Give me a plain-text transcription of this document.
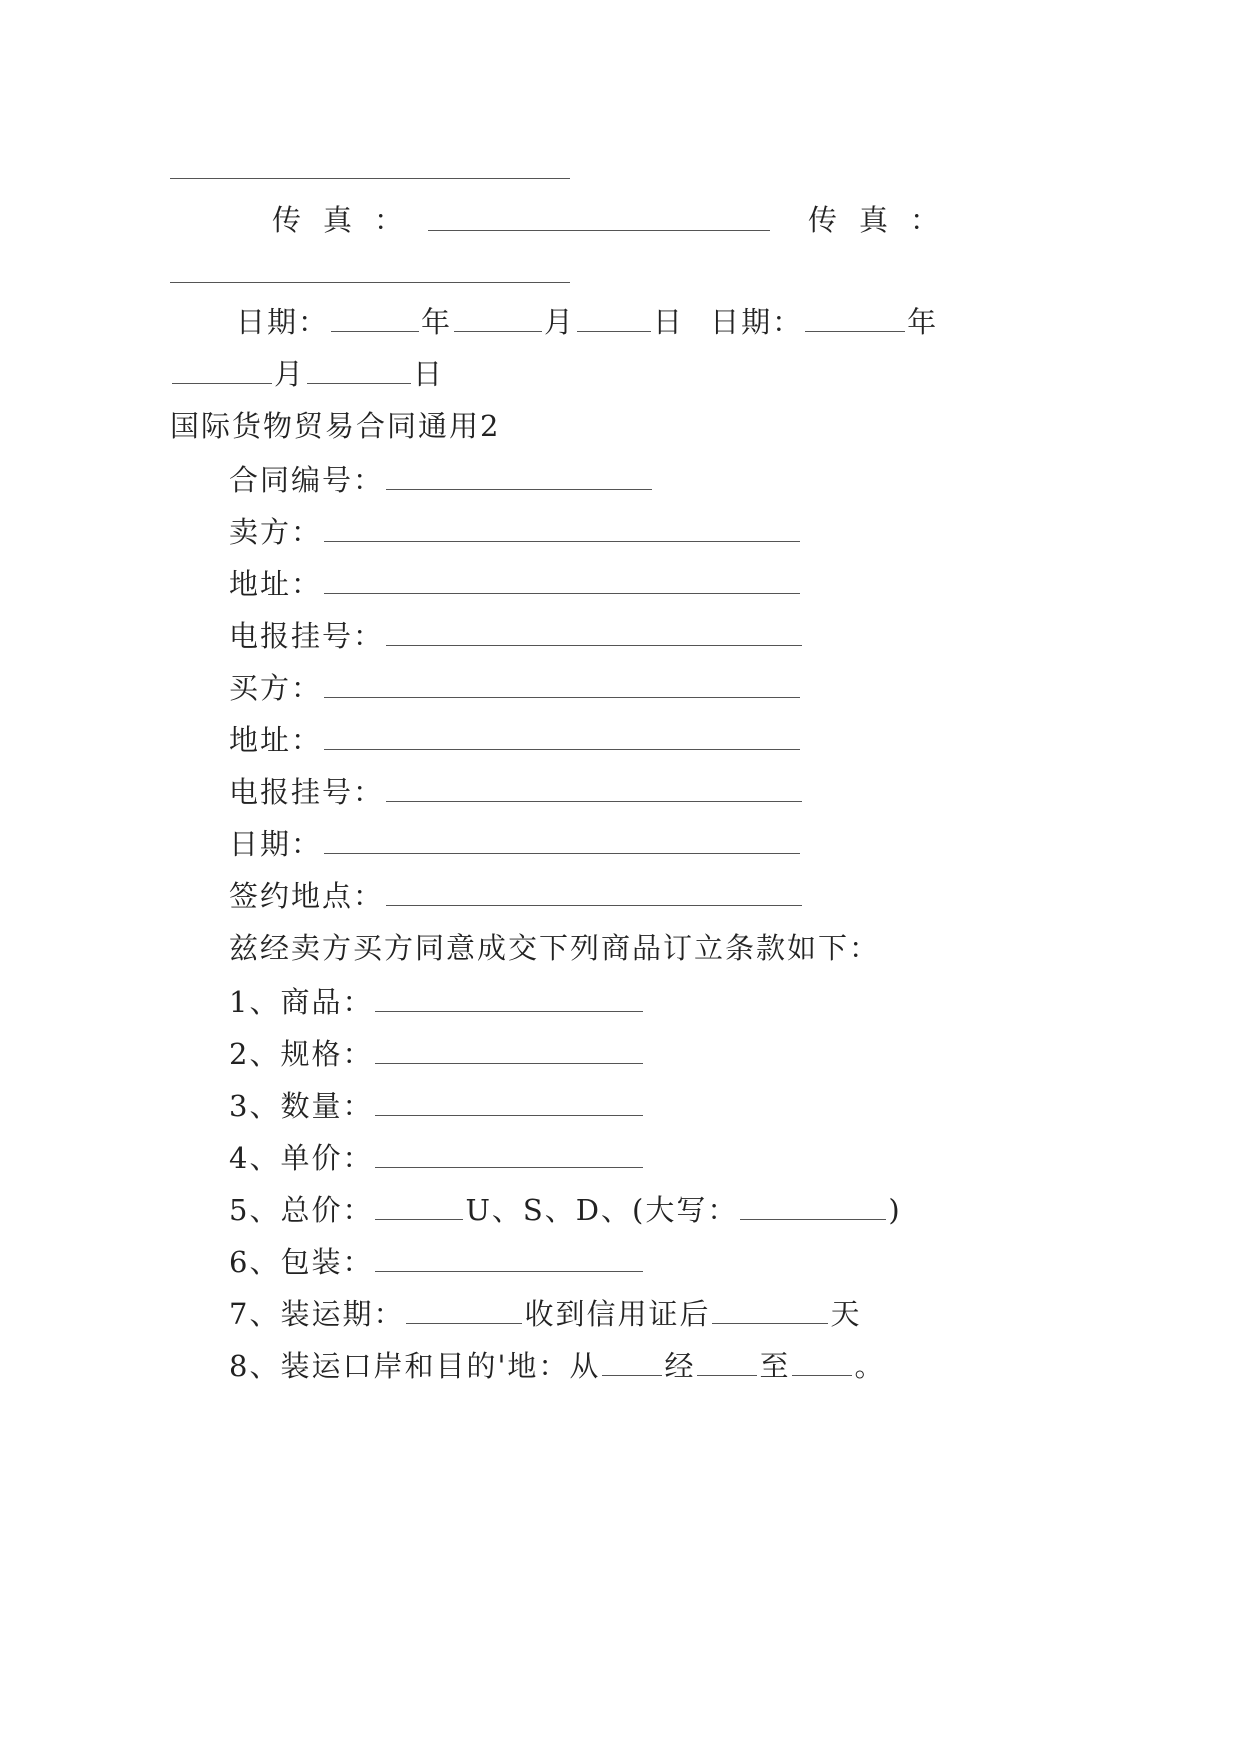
传真：	传真：
日期：	年	月	日 日期：	年
月	日
国际货物贸易合同通用2
合同编号：
卖方：
地址：
电报挂号：
买方：
地址：
电报挂号：
日期：
签约地点：
兹经卖方买方同意成交下列商品订立条款如下：
1、商品：
2、规格：
3、数量：
4、单价：
5、总价：	U、S、D、(大写：	)
6、包装：
7、装运期：	收到信用证后	天
8、装运口岸和目的'地：从 经 至 。
